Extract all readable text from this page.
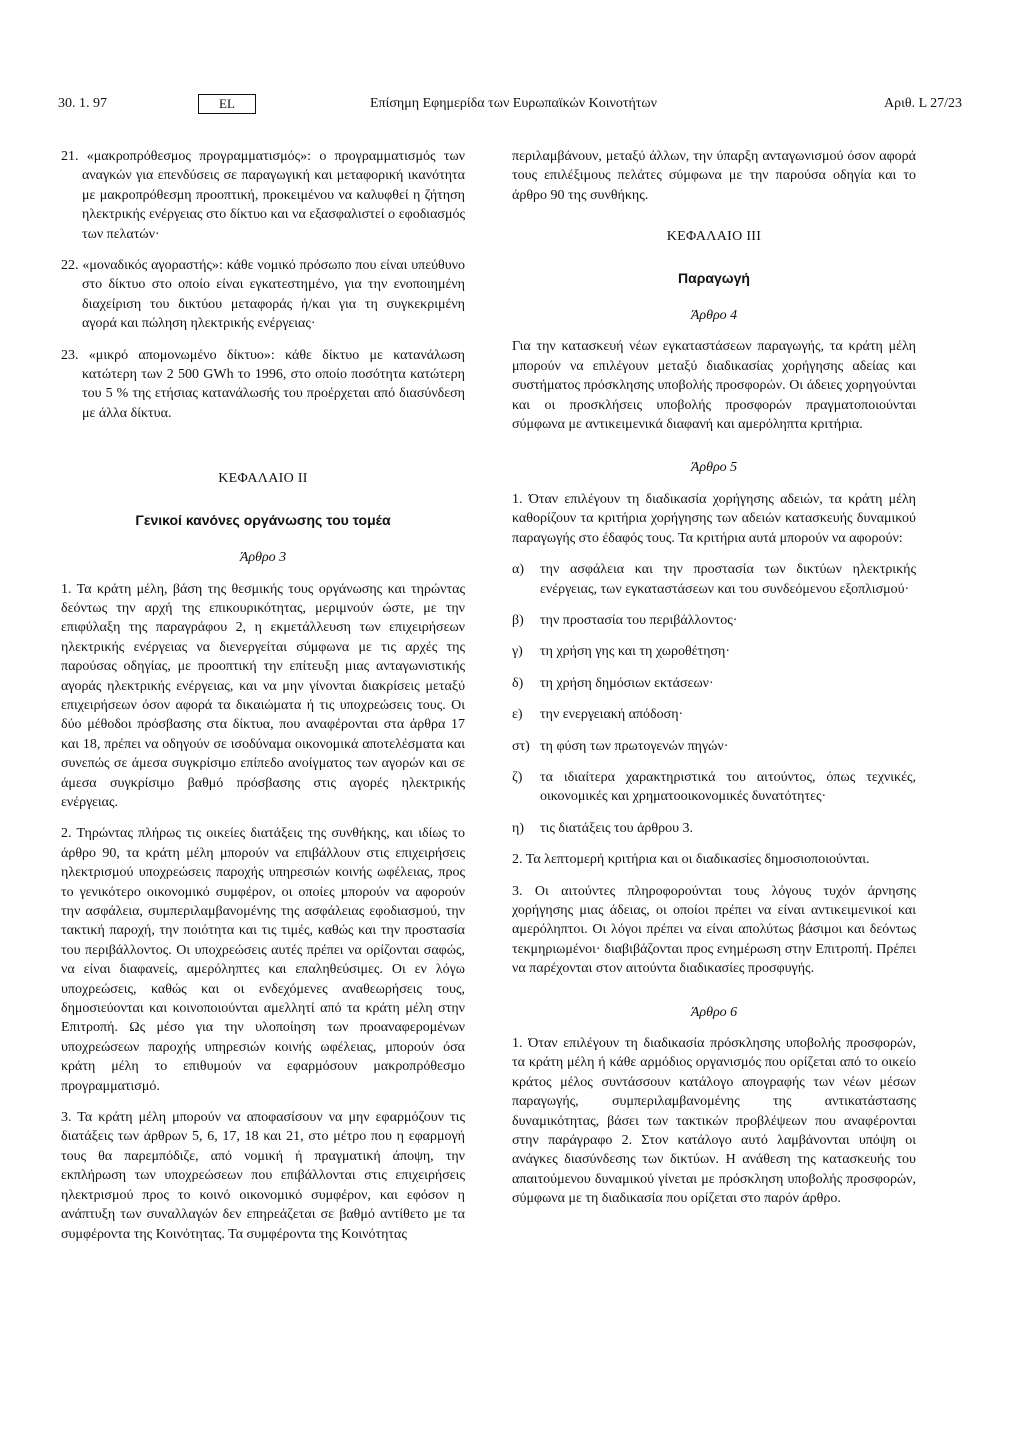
30. 1. 97	EL	Επίσημη Εφημερίδα των Ευρωπαϊκών Κοινοτήτων	Αριθ. L 27/23

21. «μακροπρόθεσμος προγραμματισμός»: ο προγραμματισμός των αναγκών για επενδύσεις σε παραγωγική και μεταφορική ικανότητα με μακροπρόθεσμη προοπτική, προκειμένου να καλυφθεί η ζήτηση ηλεκτρικής ενέργειας στο δίκτυο και να εξασφαλιστεί ο εφοδιασμός των πελατών·

22. «μοναδικός αγοραστής»: κάθε νομικό πρόσωπο που είναι υπεύθυνο στο δίκτυο στο οποίο είναι εγκατεστημένο, για την ενοποιημένη διαχείριση του δικτύου μεταφοράς ή/και για τη συγκεκριμένη αγορά και πώληση ηλεκτρικής ενέργειας·

23. «μικρό απομονωμένο δίκτυο»: κάθε δίκτυο με κατανάλωση κατώτερη των 2 500 GWh το 1996, στο οποίο ποσότητα κατώτερη του 5 % της ετήσιας κατανάλωσής του προέρχεται από διασύνδεση με άλλα δίκτυα.

ΚΕΦΑΛΑΙΟ ΙΙ

Γενικοί κανόνες οργάνωσης του τομέα

Άρθρο 3

1. Τα κράτη μέλη, βάση της θεσμικής τους οργάνωσης και τηρώντας δεόντως την αρχή της επικουρικότητας, μεριμνούν ώστε, με την επιφύλαξη της παραγράφου 2, η εκμετάλλευση των επιχειρήσεων ηλεκτρικής ενέργειας να διενεργείται σύμφωνα με τις αρχές της παρούσας οδηγίας, με προοπτική την επίτευξη μιας ανταγωνιστικής αγοράς ηλεκτρικής ενέργειας, και να μην γίνονται διακρίσεις μεταξύ επιχειρήσεων όσον αφορά τα δικαιώματα ή τις υποχρεώσεις τους. Οι δύο μέθοδοι πρόσβασης στα δίκτυα, που αναφέρονται στα άρθρα 17 και 18, πρέπει να οδηγούν σε ισοδύναμα οικονομικά αποτελέσματα και συνεπώς σε άμεσα συγκρίσιμο επίπεδο ανοίγματος των αγορών και σε άμεσα συγκρίσιμο βαθμό πρόσβασης στις αγορές ηλεκτρικής ενέργειας.

2. Τηρώντας πλήρως τις οικείες διατάξεις της συνθήκης, και ιδίως το άρθρο 90, τα κράτη μέλη μπορούν να επιβάλλουν στις επιχειρήσεις ηλεκτρισμού υποχρεώσεις παροχής υπηρεσιών κοινής ωφέλειας, προς το γενικότερο οικονομικό συμφέρον, οι οποίες μπορούν να αφορούν την ασφάλεια, συμπεριλαμβανομένης της ασφάλειας εφοδιασμού, την τακτική παροχή, την ποιότητα και τις τιμές, καθώς και την προστασία του περιβάλλοντος. Οι υποχρεώσεις αυτές πρέπει να ορίζονται σαφώς, να είναι διαφανείς, αμερόληπτες και επαληθεύσιμες. Οι εν λόγω υποχρεώσεις, καθώς και οι ενδεχόμενες αναθεωρήσεις τους, δημοσιεύονται και κοινοποιούνται αμελλητί από τα κράτη μέλη στην Επιτροπή. Ως μέσο για την υλοποίηση των προαναφερομένων υποχρεώσεων παροχής υπηρεσιών κοινής ωφέλειας, μπορούν όσα κράτη μέλη το επιθυμούν να εφαρμόσουν μακροπρόθεσμο προγραμματισμό.

3. Τα κράτη μέλη μπορούν να αποφασίσουν να μην εφαρμόζουν τις διατάξεις των άρθρων 5, 6, 17, 18 και 21, στο μέτρο που η εφαρμογή τους θα παρεμπόδιζε, από νομική ή πραγματική άποψη, την εκπλήρωση των υποχρεώσεων που επιβάλλονται στις επιχειρήσεις ηλεκτρισμού προς το κοινό οικονομικό συμφέρον, και εφόσον η ανάπτυξη των συναλλαγών δεν επηρεάζεται σε βαθμό αντίθετο με τα συμφέροντα της Κοινότητας. Τα συμφέροντα της Κοινότητας

περιλαμβάνουν, μεταξύ άλλων, την ύπαρξη ανταγωνισμού όσον αφορά τους επιλέξιμους πελάτες σύμφωνα με την παρούσα οδηγία και το άρθρο 90 της συνθήκης.

ΚΕΦΑΛΑΙΟ ΙΙΙ

Παραγωγή

Άρθρο 4

Για την κατασκευή νέων εγκαταστάσεων παραγωγής, τα κράτη μέλη μπορούν να επιλέγουν μεταξύ διαδικασίας χορήγησης αδείας και συστήματος πρόσκλησης υποβολής προσφορών. Οι άδειες χορηγούνται και οι προσκλήσεις υποβολής προσφορών πραγματοποιούνται σύμφωνα με αντικειμενικά διαφανή και αμερόληπτα κριτήρια.

Άρθρο 5

1. Όταν επιλέγουν τη διαδικασία χορήγησης αδειών, τα κράτη μέλη καθορίζουν τα κριτήρια χορήγησης των αδειών κατασκευής δυναμικού παραγωγής στο έδαφός τους. Τα κριτήρια αυτά μπορούν να αφορούν:

α)	την ασφάλεια και την προστασία των δικτύων ηλεκτρικής ενέργειας, των εγκαταστάσεων και του συνδεόμενου εξοπλισμού·
β)	την προστασία του περιβάλλοντος·
γ)	τη χρήση γης και τη χωροθέτηση·
δ)	τη χρήση δημόσιων εκτάσεων·
ε)	την ενεργειακή απόδοση·
στ) τη φύση των πρωτογενών πηγών·
ζ)	τα ιδιαίτερα χαρακτηριστικά του αιτούντος, όπως τεχνικές, οικονομικές και χρηματοοικονομικές δυνατότητες·
η)	τις διατάξεις του άρθρου 3.

2. Τα λεπτομερή κριτήρια και οι διαδικασίες δημοσιοποιούνται.

3. Οι αιτούντες πληροφορούνται τους λόγους τυχόν άρνησης χορήγησης μιας άδειας, οι οποίοι πρέπει να είναι αντικειμενικοί και αμερόληπτοι. Οι λόγοι πρέπει να είναι απολύτως βάσιμοι και δεόντως τεκμηριωμένοι· διαβιβάζονται προς ενημέρωση στην Επιτροπή. Πρέπει να παρέχονται στον αιτούντα διαδικασίες προσφυγής.

Άρθρο 6

1. Όταν επιλέγουν τη διαδικασία πρόσκλησης υποβολής προσφορών, τα κράτη μέλη ή κάθε αρμόδιος οργανισμός που ορίζεται από το οικείο κράτος μέλος συντάσσουν κατάλογο απογραφής των νέων μέσων παραγωγής, συμπεριλαμβανομένης της αντικατάστασης δυναμικότητας, βάσει των τακτικών προβλέψεων που αναφέρονται στην παράγραφο 2. Στον κατάλογο αυτό λαμβάνονται υπόψη οι ανάγκες διασύνδεσης των δικτύων. Η ανάθεση της κατασκευής του απαιτούμενου δυναμικού γίνεται με πρόσκληση υποβολής προσφορών, σύμφωνα με τη διαδικασία που ορίζεται στο παρόν άρθρο.
